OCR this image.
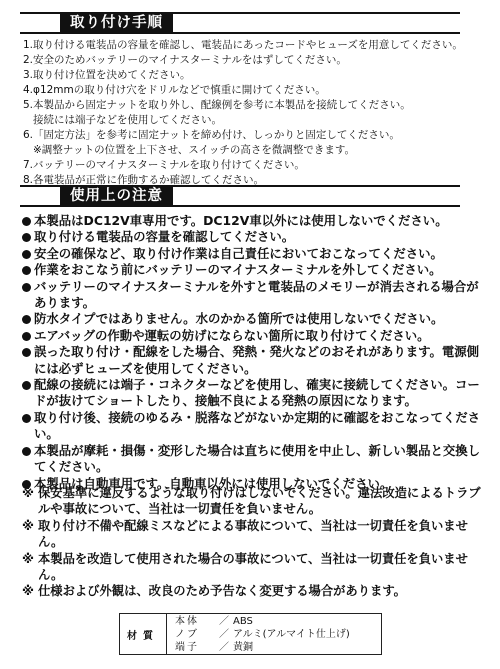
取り付け手順
1.取り付ける電装品の容量を確認し、電装品にあったコードやヒューズを用意してください。
2.安全のためバッテリーのマイナスターミナルをはずしてください。
3.取り付け位置を決めてください。
4.φ12mmの取り付け穴をドリルなどで慎重に開けてください。
5.本製品から固定ナットを取り外し、配線例を参考に本製品を接続してください。
接続には端子などを使用してください。
6.「固定方法」を参考に固定ナットを締め付け、しっかりと固定してください。
※調整ナットの位置を上下させ、スイッチの高さを微調整できます。
7.バッテリーのマイナスターミナルを取り付けてください。
8.各電装品が正常に作動するか確認してください。
使用上の注意
本製品はDC12V車専用です。DC12V車以外には使用しないでください。
取り付ける電装品の容量を確認してください。
安全の確保など、取り付け作業は自己責任においておこなってください。
作業をおこなう前にバッテリーのマイナスターミナルを外してください。
バッテリーのマイナスターミナルを外すと電装品のメモリーが消去される場合があります。
防水タイプではありません。水のかかる箇所では使用しないでください。
エアバッグの作動や運転の妨げにならない箇所に取り付けてください。
誤った取り付け・配線をした場合、発熱・発火などのおそれがあります。電源側には必ずヒューズを使用してください。
配線の接続には端子・コネクターなどを使用し、確実に接続してください。コードが抜けてショートしたり、接触不良による発熱の原因になります。
取り付け後、接続のゆるみ・脱落などがないか定期的に確認をおこなってください。
本製品が摩耗・損傷・変形した場合は直ちに使用を中止し、新しい製品と交換してください。
本製品は自動車用です。自動車以外には使用しないでください。
※ 保安基準に違反するような取り付けはしないでください。違法改造によるトラブルや事故について、当社は一切責任を負いません。
※ 取り付け不備や配線ミスなどによる事故について、当社は一切責任を負いません。
※ 本製品を改造して使用された場合の事故について、当社は一切責任を負いません。
※ 仕様および外観は、改良のため予告なく変更する場合があります。
材質
本体 ／ ABS
ノブ ／ アルミ(アルマイト仕上げ)
端子 ／ 黄銅
